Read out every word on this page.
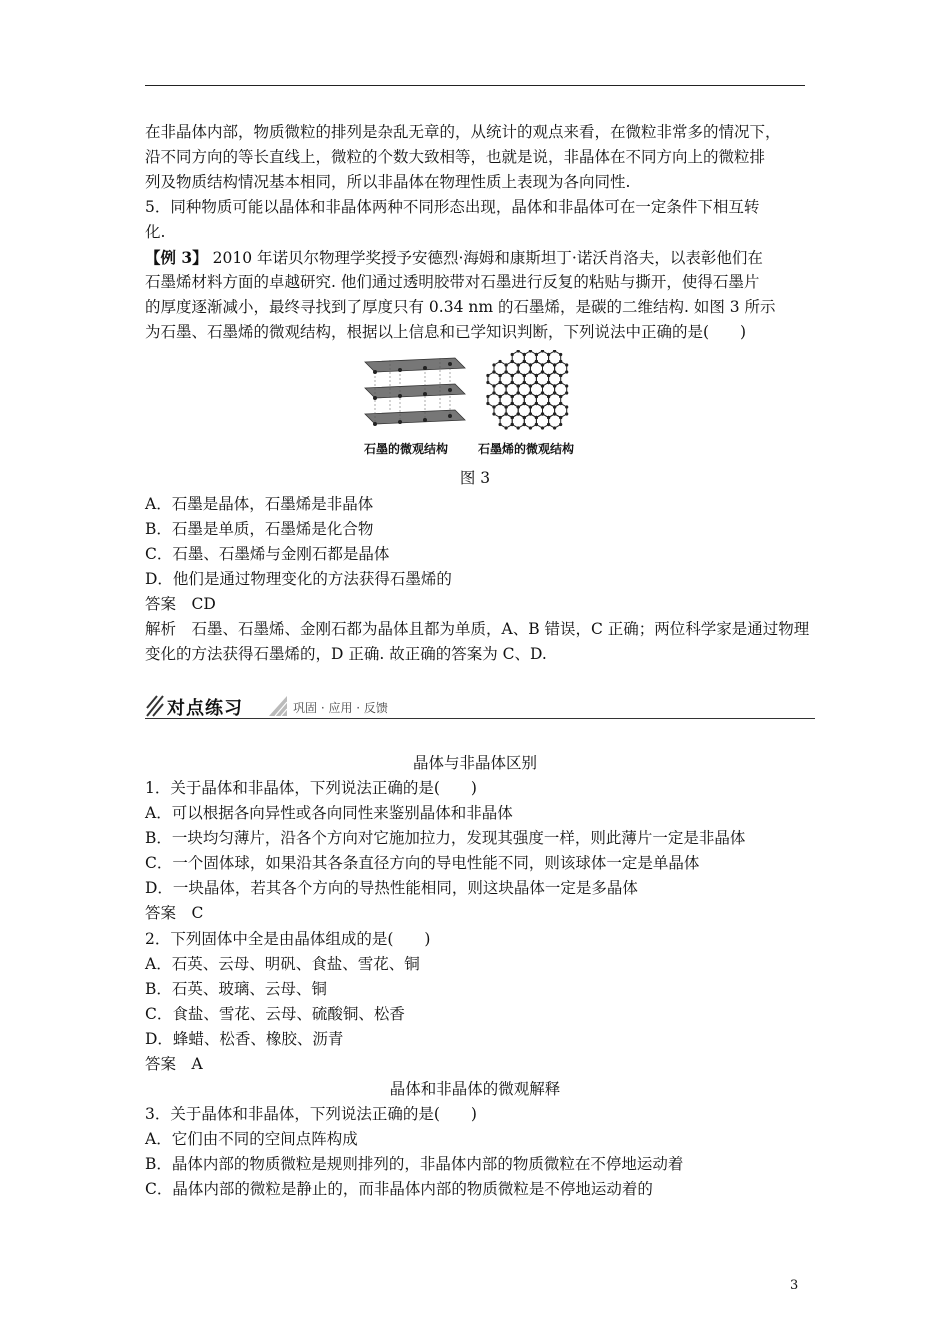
在非晶体内部，物质微粒的排列是杂乱无章的，从统计的观点来看，在微粒非常多的情况下，
沿不同方向的等长直线上，微粒的个数大致相等，也就是说，非晶体在不同方向上的微粒排
列及物质结构情况基本相同，所以非晶体在物理性质上表现为各向同性.
5．同种物质可能以晶体和非晶体两种不同形态出现，晶体和非晶体可在一定条件下相互转
化.
【例 3】 2010 年诺贝尔物理学奖授予安德烈·海姆和康斯坦丁·诺沃肖洛夫，以表彰他们在
石墨烯材料方面的卓越研究. 他们通过透明胶带对石墨进行反复的粘贴与撕开，使得石墨片
的厚度逐渐减小，最终寻找到了厚度只有 0.34 nm 的石墨烯，是碳的二维结构. 如图 3 所示
为石墨、石墨烯的微观结构，根据以上信息和已学知识判断，下列说法中正确的是(　　)
石墨的微观结构 石墨烯的微观结构
图 3
A．石墨是晶体，石墨烯是非晶体
B．石墨是单质，石墨烯是化合物
C．石墨、石墨烯与金刚石都是晶体
D．他们是通过物理变化的方法获得石墨烯的
答案　CD
解析　石墨、石墨烯、金刚石都为晶体且都为单质，A、B 错误，C 正确；两位科学家是通过物理
变化的方法获得石墨烯的，D 正确. 故正确的答案为 C、D.
对点练习	巩固 · 应用 · 反馈
晶体与非晶体区别
1．关于晶体和非晶体，下列说法正确的是(　　)
A．可以根据各向异性或各向同性来鉴别晶体和非晶体
B．一块均匀薄片，沿各个方向对它施加拉力，发现其强度一样，则此薄片一定是非晶体
C．一个固体球，如果沿其各条直径方向的导电性能不同，则该球体一定是单晶体
D．一块晶体，若其各个方向的导热性能相同，则这块晶体一定是多晶体
答案　C
2．下列固体中全是由晶体组成的是(　　)
A．石英、云母、明矾、食盐、雪花、铜
B．石英、玻璃、云母、铜
C．食盐、雪花、云母、硫酸铜、松香
D．蜂蜡、松香、橡胶、沥青
答案　A
晶体和非晶体的微观解释
3．关于晶体和非晶体，下列说法正确的是(　　)
A．它们由不同的空间点阵构成
B．晶体内部的物质微粒是规则排列的，非晶体内部的物质微粒在不停地运动着
C．晶体内部的微粒是静止的，而非晶体内部的物质微粒是不停地运动着的
3
